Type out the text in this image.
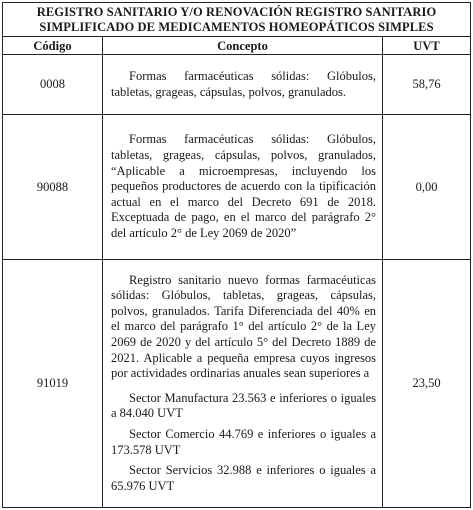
REGISTRO SANITARIO Y/O RENOVACIÓN REGISTRO SANITARIO
SIMPLIFICADO DE MEDICAMENTOS HOMEOPÁTICOS SIMPLES		

Código	Concepto	UVT
0008	Formas farmacéuticas sólidas: Glóbulos, tabletas, grageas, cápsulas, polvos, granulados.	58,76
90088	Formas farmacéuticas sólidas: Glóbulos, tabletas, grageas, cápsulas, polvos, granulados, “Aplicable a microempresas, incluyendo los pequeños productores de acuerdo con la tipificación actual en el marco del Decreto 691 de 2018. Exceptuada de pago, en el marco del parágrafo 2° del artículo 2° de Ley 2069 de 2020”	0,00
91019	Registro sanitario nuevo formas farmacéuticas sólidas: Glóbulos, tabletas, grageas, cápsulas, polvos, granulados. Tarifa Diferenciada del 40% en el marco del parágrafo 1° del artículo 2° de la Ley 2069 de 2020 y del artículo 5° del Decreto 1889 de 2021. Aplicable a pequeña empresa cuyos ingresos por actividades ordinarias anuales sean superiores a

Sector Manufactura 23.563 e inferiores o iguales a 84.040 UVT

Sector Comercio 44.769 e inferiores o iguales a 173.578 UVT

Sector Servicios 32.988 e inferiores o iguales a 65.976 UVT	23,50
